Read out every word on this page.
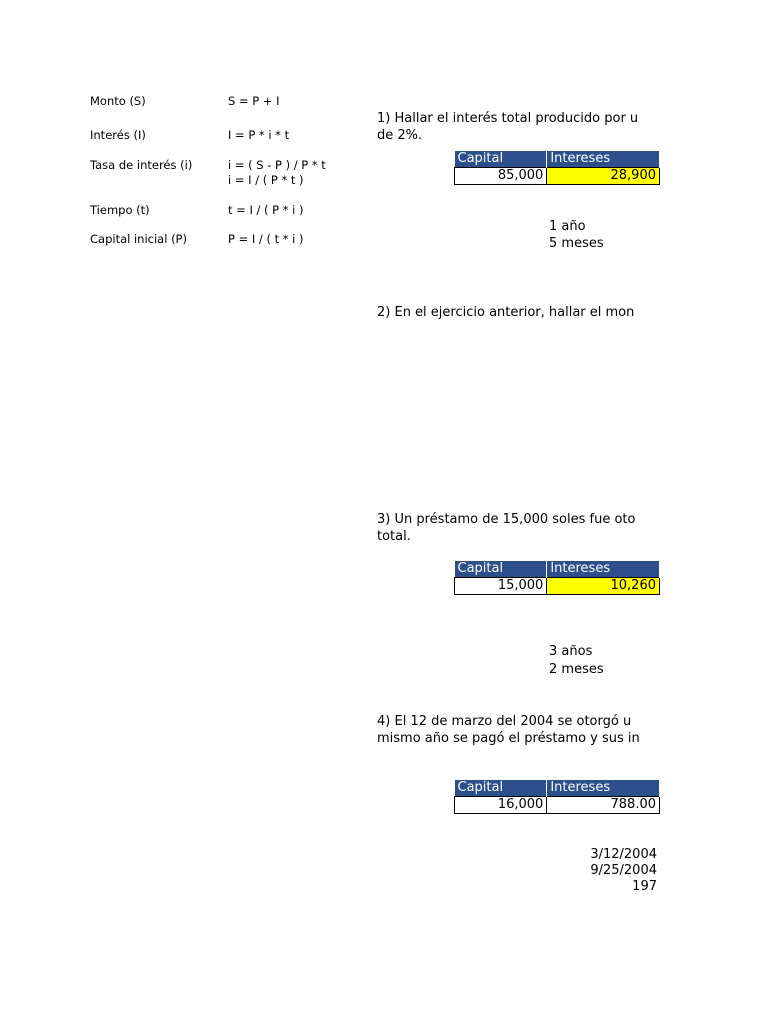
Monto (S)	S = P + I
Interés (I)	I = P * i * t
Tasa de interés (i)	i = ( S - P ) / P * t
i = I / ( P * t )
Tiempo (t)	t = I / ( P * i )
Capital inicial (P)	P = I / ( t * i )
1) Hallar el interés total producido por u
de 2%.
Capital	Intereses
85,000	28,900
1 año
5 meses
2) En el ejercicio anterior, hallar el mon
3) Un préstamo de 15,000 soles fue oto
total.
Capital	Intereses
15,000	10,260
3 años
2 meses
4) El 12 de marzo del 2004 se otorgó u
mismo año se pagó el préstamo y sus in
Capital	Intereses
16,000	788.00
3/12/2004
9/25/2004
197
